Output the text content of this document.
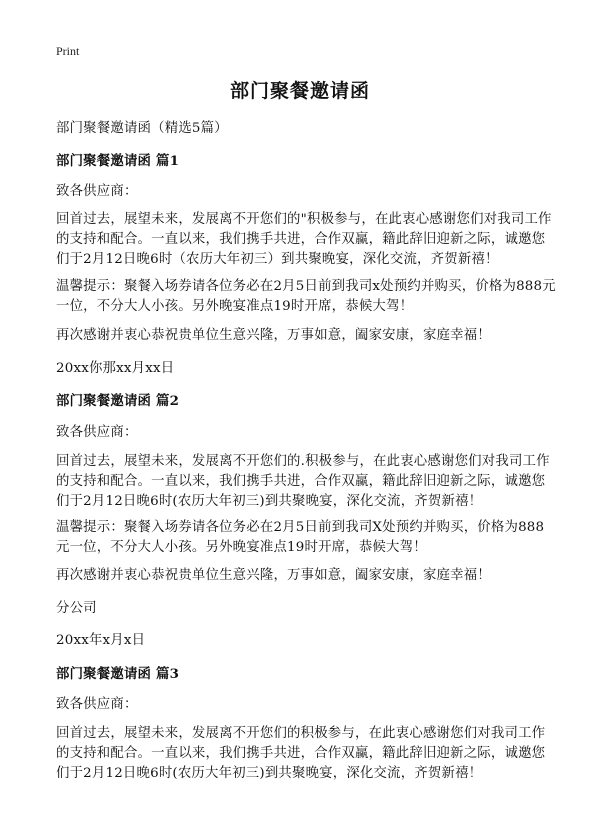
Print
部门聚餐邀请函
部门聚餐邀请函（精选5篇）
部门聚餐邀请函 篇1
致各供应商：
回首过去，展望未来，发展离不开您们的"积极参与，在此衷心感谢您们对我司工作的支持和配合。一直以来，我们携手共进，合作双赢，籍此辞旧迎新之际，诚邀您们于2月12日晚6时（农历大年初三）到共聚晚宴，深化交流，齐贺新禧！
温馨提示：聚餐入场券请各位务必在2月5日前到我司x处预约并购买，价格为888元一位，不分大人小孩。另外晚宴准点19时开席，恭候大驾！
再次感谢并衷心恭祝贵单位生意兴隆，万事如意，阖家安康，家庭幸福！
20xx你那xx月xx日
部门聚餐邀请函 篇2
致各供应商：
回首过去，展望未来，发展离不开您们的.积极参与，在此衷心感谢您们对我司工作的支持和配合。一直以来，我们携手共进，合作双赢，籍此辞旧迎新之际，诚邀您们于2月12日晚6时(农历大年初三)到共聚晚宴，深化交流，齐贺新禧！
温馨提示：聚餐入场券请各位务必在2月5日前到我司X处预约并购买，价格为888元一位，不分大人小孩。另外晚宴准点19时开席，恭候大驾！
再次感谢并衷心恭祝贵单位生意兴隆，万事如意，阖家安康，家庭幸福！
分公司
20xx年x月x日
部门聚餐邀请函 篇3
致各供应商：
回首过去，展望未来，发展离不开您们的积极参与，在此衷心感谢您们对我司工作的支持和配合。一直以来，我们携手共进，合作双赢，籍此辞旧迎新之际，诚邀您们于2月12日晚6时(农历大年初三)到共聚晚宴，深化交流，齐贺新禧！
